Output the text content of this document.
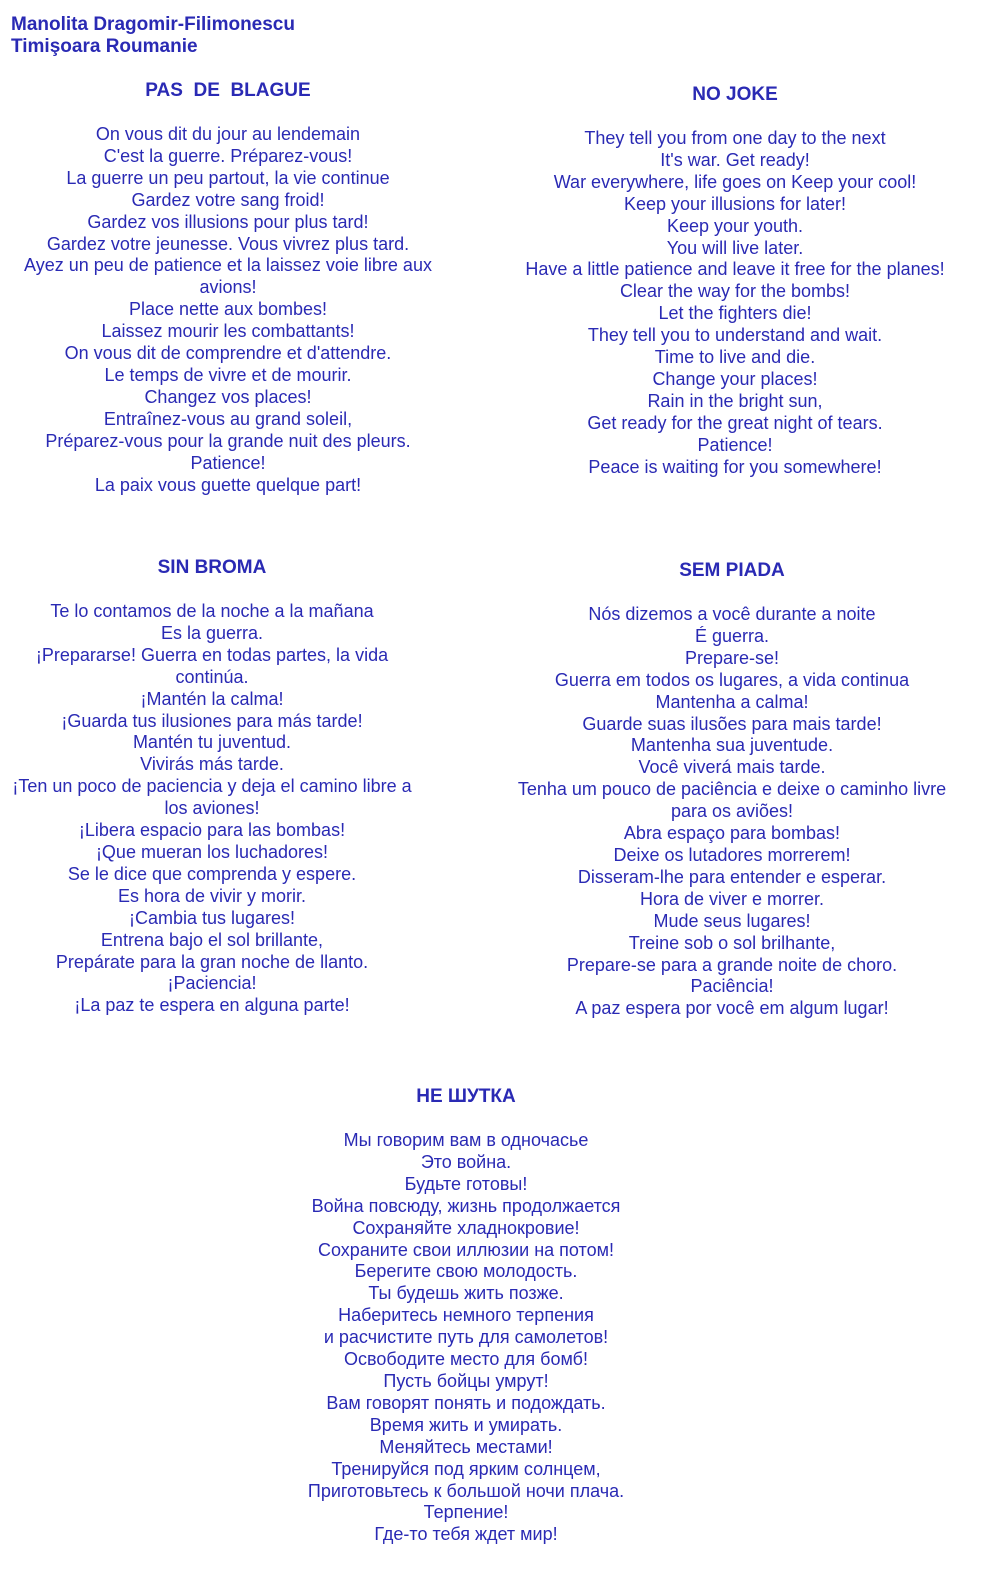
Manolita Dragomir-Filimonescu
Timişoara Roumanie
PAS  DE  BLAGUE
On vous dit du jour au lendemain
C'est la guerre. Préparez-vous!
La guerre un peu partout, la vie continue
Gardez votre sang froid!
Gardez vos illusions pour plus tard!
Gardez votre jeunesse. Vous vivrez plus tard.
Ayez un peu de patience et la laissez voie libre aux
avions!
Place nette aux bombes!
Laissez mourir les combattants!
On vous dit de comprendre et d'attendre.
Le temps de vivre et de mourir.
Changez vos places!
Entraînez-vous au grand soleil,
Préparez-vous pour la grande nuit des pleurs.
Patience!
La paix vous guette quelque part!
NO JOKE
They tell you from one day to the next
It's war. Get ready!
War everywhere, life goes on Keep your cool!
Keep your illusions for later!
Keep your youth.
You will live later.
Have a little patience and leave it free for the planes!
Clear the way for the bombs!
Let the fighters die!
They tell you to understand and wait.
Time to live and die.
Change your places!
Rain in the bright sun,
Get ready for the great night of tears.
Patience!
Peace is waiting for you somewhere!
SIN BROMA
Te lo contamos de la noche a la mañana
Es la guerra.
¡Prepararse! Guerra en todas partes, la vida
continúa.
¡Mantén la calma!
¡Guarda tus ilusiones para más tarde!
Mantén tu juventud.
Vivirás más tarde.
¡Ten un poco de paciencia y deja el camino libre a
los aviones!
¡Libera espacio para las bombas!
¡Que mueran los luchadores!
Se le dice que comprenda y espere.
Es hora de vivir y morir.
¡Cambia tus lugares!
Entrena bajo el sol brillante,
Prepárate para la gran noche de llanto.
¡Paciencia!
¡La paz te espera en alguna parte!
SEM PIADA
Nós dizemos a você durante a noite
É guerra.
Prepare-se!
Guerra em todos os lugares, a vida continua
Mantenha a calma!
Guarde suas ilusões para mais tarde!
Mantenha sua juventude.
Você viverá mais tarde.
Tenha um pouco de paciência e deixe o caminho livre
para os aviões!
Abra espaço para bombas!
Deixe os lutadores morrerem!
Disseram-lhe para entender e esperar.
Hora de viver e morrer.
Mude seus lugares!
Treine sob o sol brilhante,
Prepare-se para a grande noite de choro.
Paciência!
A paz espera por você em algum lugar!
НЕ ШУТКА
Мы говорим вам в одночасье
Это война.
Будьте готовы!
Война повсюду, жизнь продолжается
Сохраняйте хладнокровие!
Сохраните свои иллюзии на потом!
Берегите свою молодость.
Ты будешь жить позже.
Наберитесь немного терпения
и расчистите путь для самолетов!
Освободите место для бомб!
Пусть бойцы умрут!
Вам говорят понять и подождать.
Время жить и умирать.
Меняйтесь местами!
Тренируйся под ярким солнцем,
Приготовьтесь к большой ночи плача.
Терпение!
Где-то тебя ждет мир!
